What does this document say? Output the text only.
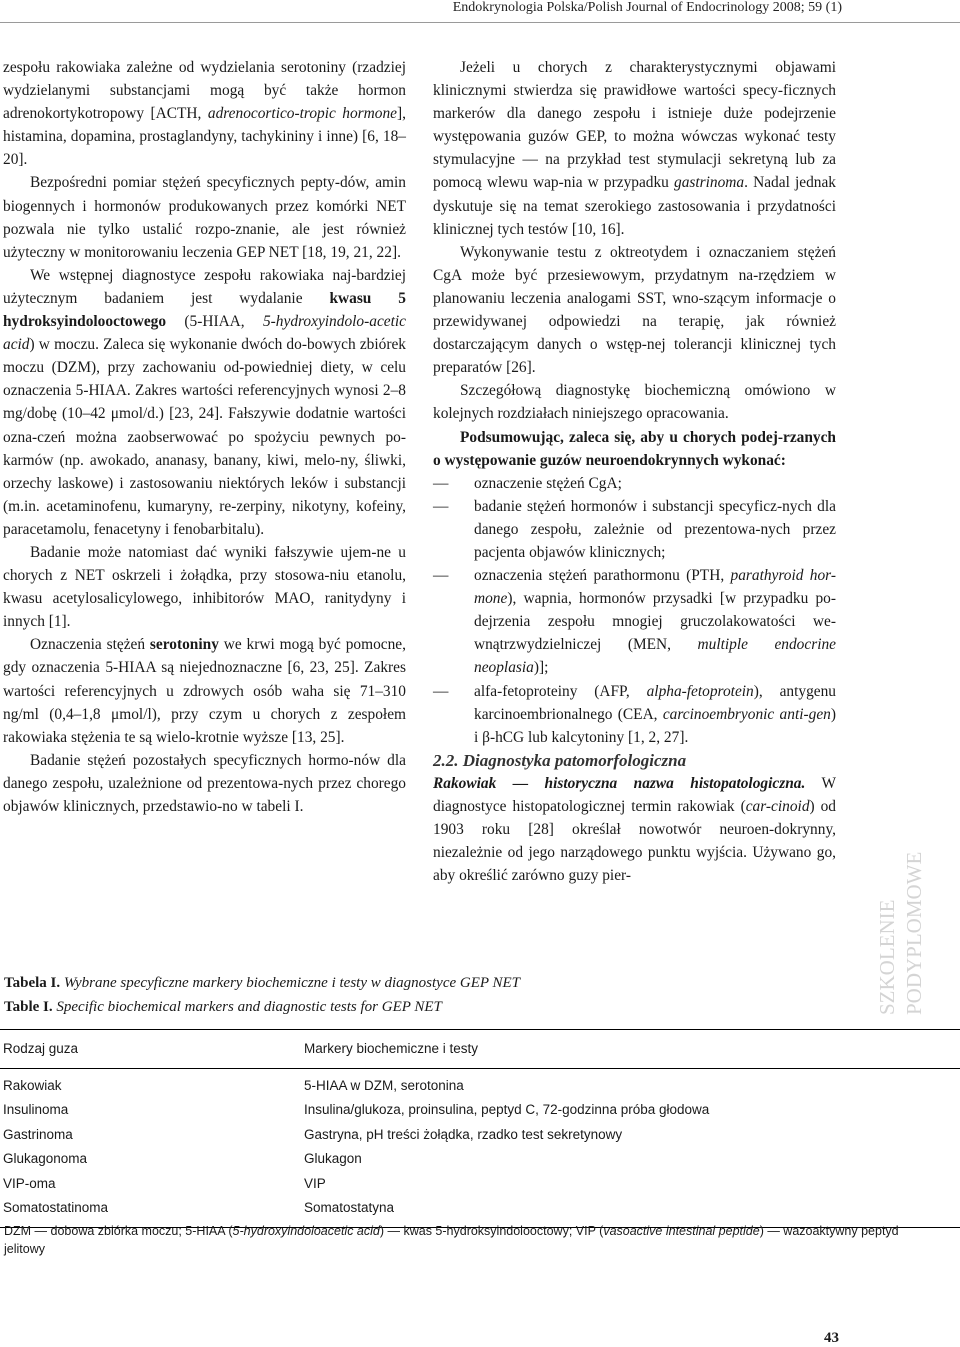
Endokrynologia Polska/Polish Journal of Endocrinology 2008; 59 (1)

zespołu rakowiaka zależne od wydzielania serotoniny (rzadziej wydzielanymi substancjami mogą być także hormon adrenokortykotropowy [ACTH, adrenocortico-tropic hormone], histamina, dopamina, prostaglandyny, tachykininy i inne) [6, 18–20].

Bezpośredni pomiar stężeń specyficznych pepty-dów, amin biogennych i hormonów produkowanych przez komórki NET pozwala nie tylko ustalić rozpo-znanie, ale jest również użyteczny w monitorowaniu leczenia GEP NET [18, 19, 21, 22].

We wstępnej diagnostyce zespołu rakowiaka naj-bardziej użytecznym badaniem jest wydalanie kwasu 5 hydroksyindolooctowego (5-HIAA, 5-hydroxyindolo-acetic acid) w moczu. Zaleca się wykonanie dwóch do-bowych zbiórek moczu (DZM), przy zachowaniu od-powiedniej diety, w celu oznaczenia 5-HIAA. Zakres wartości referencyjnych wynosi 2–8 mg/dobę (10–42 μmol/d.) [23, 24]. Fałszywie dodatnie wartości ozna-czeń można zaobserwować po spożyciu pewnych po-karmów (np. awokado, ananasy, banany, kiwi, melo-ny, śliwki, orzechy laskowe) i zastosowaniu niektórych leków i substancji (m.in. acetaminofenu, kumaryny, re-zerpiny, nikotyny, kofeiny, paracetamolu, fenacetyny i fenobarbitalu).

Badanie może natomiast dać wyniki fałszywie ujem-ne u chorych z NET oskrzeli i żołądka, przy stosowa-niu etanolu, kwasu acetylosalicylowego, inhibitorów MAO, ranitydyny i innych [1].

Oznaczenia stężeń serotoniny we krwi mogą być pomocne, gdy oznaczenia 5-HIAA są niejednoznaczne [6, 23, 25]. Zakres wartości referencyjnych u zdrowych osób waha się 71–310 ng/ml (0,4–1,8 μmol/l), przy czym u chorych z zespołem rakowiaka stężenia te są wielo-krotnie wyższe [13, 25].

Badanie stężeń pozostałych specyficznych hormo-nów dla danego zespołu, uzależnione od prezentowa-nych przez chorego objawów klinicznych, przedstawio-no w tabeli I.

Jeżeli u chorych z charakterystycznymi objawami klinicznymi stwierdza się prawidłowe wartości specy-ficznych markerów dla danego zespołu i istnieje duże podejrzenie występowania guzów GEP, to można wówczas wykonać testy stymulacyjne — na przykład test stymulacji sekretyną lub za pomocą wlewu wap-nia w przypadku gastrinoma. Nadal jednak dyskutuje się na temat szerokiego zastosowania i przydatności klinicznej tych testów [10, 16].

Wykonywanie testu z oktreotydem i oznaczaniem stężeń CgA może być przesiewowym, przydatnym na-rzędziem w planowaniu leczenia analogami SST, wno-szącym informacje o przewidywanej odpowiedzi na terapię, jak również dostarczającym danych o wstęp-nej tolerancji klinicznej tych preparatów [26].

Szczegółową diagnostykę biochemiczną omówiono w kolejnych rozdziałach niniejszego opracowania.

Podsumowując, zaleca się, aby u chorych podej-rzanych o występowanie guzów neuroendokrynnych wykonać:

—	oznaczenie stężeń CgA;

—	badanie stężeń hormonów i substancji specyficz-nych dla danego zespołu, zależnie od prezentowa-nych przez pacjenta objawów klinicznych;

—	oznaczenia stężeń parathormonu (PTH, parathyroid hor-mone), wapnia, hormonów przysadki [w przypadku po-dejrzenia zespołu mnogiej gruczolakowatości we-wnątrzwydzielniczej (MEN, multiple endocrine neoplasia)];

—	alfa-fetoproteiny (AFP, alpha-fetoprotein), antygenu karcinoembrionalnego (CEA, carcinoembryonic anti-gen) i β-hCG lub kalcytoniny [1, 2, 27].

2.2. Diagnostyka patomorfologiczna

Rakowiak — historyczna nazwa histopatologiczna. W diagnostyce histopatologicznej termin rakowiak (car-cinoid) od 1903 roku [28] określał nowotwór neuroen-dokrynny, niezależnie od jego narządowego punktu wyjścia. Używano go, aby określić zarówno guzy pier-

SZKOLENIE PODYPLOMOWE
Tabela I. Wybrane specyficzne markery biochemiczne i testy w diagnostyce GEP NET
Table I. Specific biochemical markers and diagnostic tests for GEP NET
Rodzaj guza	Markery biochemiczne i testy
Rakowiak	5-HIAA w DZM, serotonina
Insulinoma	Insulina/glukoza, proinsulina, peptyd C, 72-godzinna próba głodowa
Gastrinoma	Gastryna, pH treści żołądka, rzadko test sekretynowy
Glukagonoma	Glukagon
VIP-oma	VIP
Somatostatinoma	Somatostatyna
DZM — dobowa zbiórka moczu; 5-HIAA (5-hydroxyindoloacetic acid) — kwas 5-hydroksyindolooctowy; VIP (vasoactive intestinal peptide) — wazoaktywny peptyd jelitowy
43
